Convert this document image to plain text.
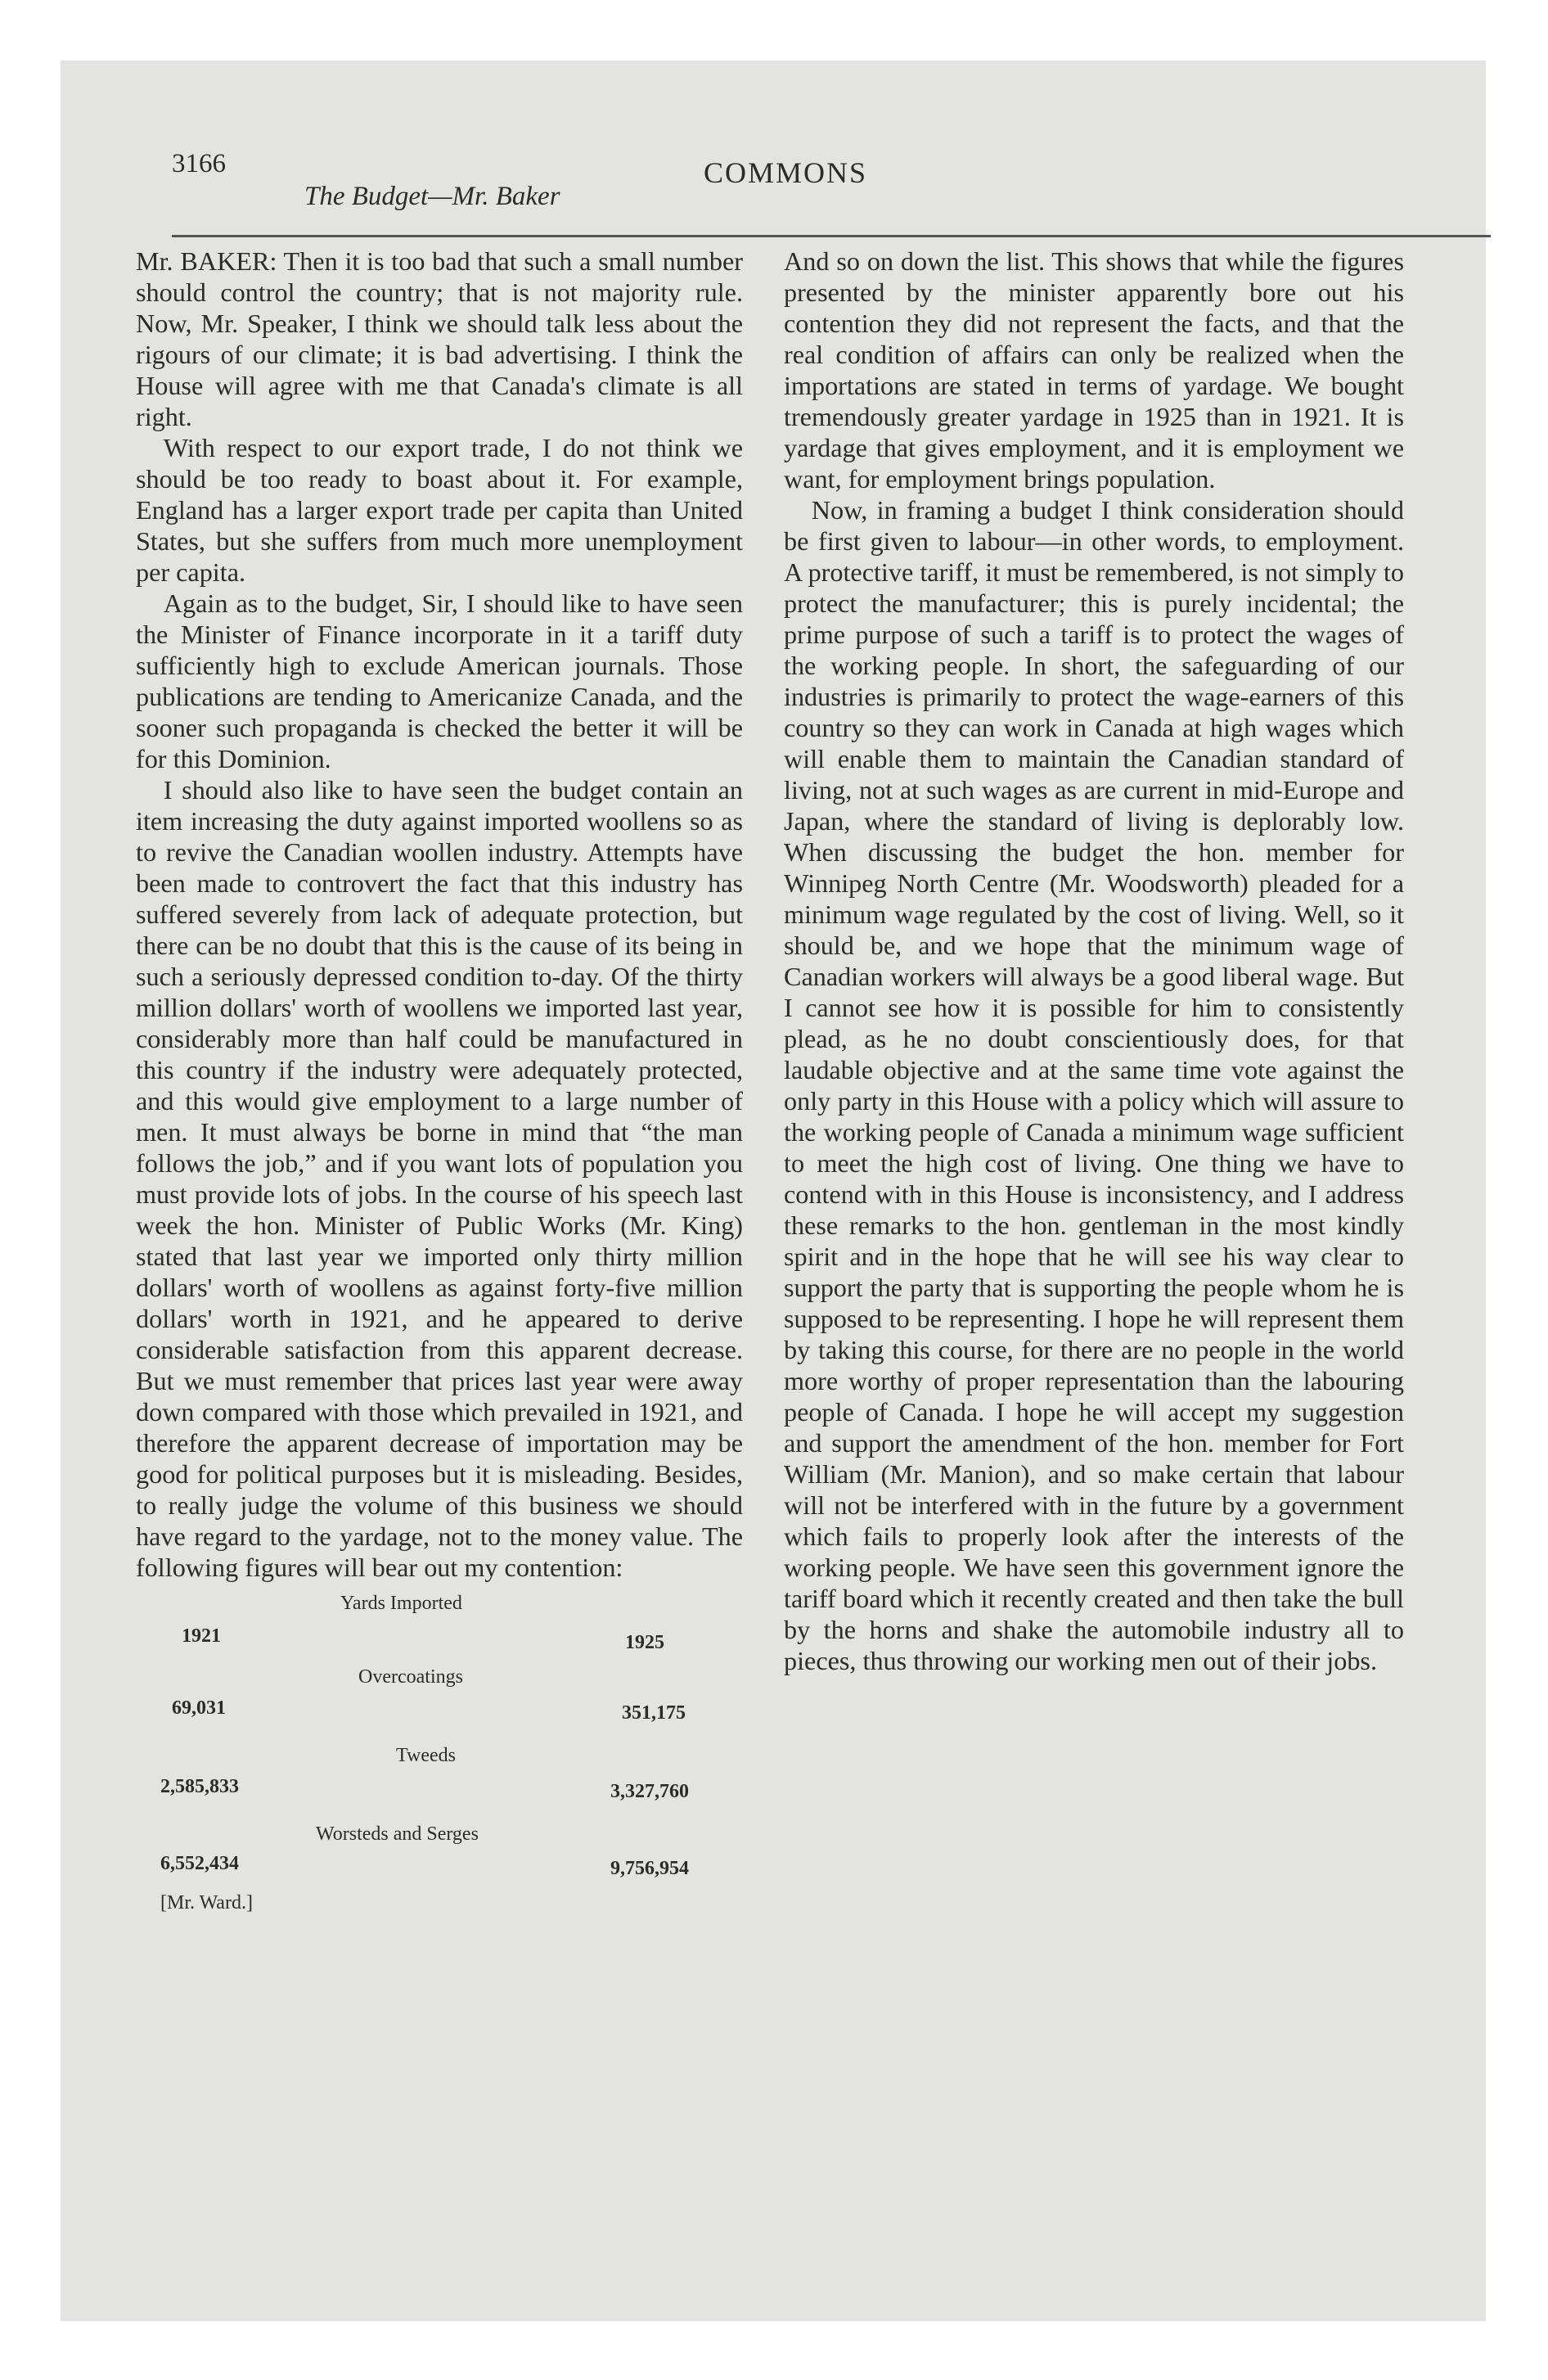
3166
The Budget—Mr. Baker
COMMONS

Mr. BAKER: Then it is too bad that such a small number should control the country; that is not majority rule. Now, Mr. Speaker, I think we should talk less about the rigours of our climate; it is bad advertising. I think the House will agree with me that Canada's climate is all right.

With respect to our export trade, I do not think we should be too ready to boast about it. For example, England has a larger export trade per capita than United States, but she suffers from much more unemployment per capita.

Again as to the budget, Sir, I should like to have seen the Minister of Finance incorporate in it a tariff duty sufficiently high to exclude American journals. Those publications are tending to Americanize Canada, and the sooner such propaganda is checked the better it will be for this Dominion.

I should also like to have seen the budget contain an item increasing the duty against imported woollens so as to revive the Canadian woollen industry. Attempts have been made to controvert the fact that this industry has suffered severely from lack of adequate protection, but there can be no doubt that this is the cause of its being in such a seriously depressed condition to-day. Of the thirty million dollars' worth of woollens we imported last year, considerably more than half could be manufactured in this country if the industry were adequately protected, and this would give employment to a large number of men. It must always be borne in mind that “the man follows the job,” and if you want lots of population you must provide lots of jobs. In the course of his speech last week the hon. Minister of Public Works (Mr. King) stated that last year we imported only thirty million dollars' worth of woollens as against forty-five million dollars' worth in 1921, and he appeared to derive considerable satisfaction from this apparent decrease. But we must remember that prices last year were away down compared with those which prevailed in 1921, and therefore the apparent decrease of importation may be good for political purposes but it is misleading. Besides, to really judge the volume of this business we should have regard to the yardage, not to the money value. The following figures will bear out my contention:

Yards Imported
1921	1925
Overcoatings
69,031	351,175
Tweeds
2,585,833	3,327,760
Worsteds and Serges
6,552,434	9,756,954
[Mr. Ward.]

And so on down the list. This shows that while the figures presented by the minister apparently bore out his contention they did not represent the facts, and that the real condition of affairs can only be realized when the importations are stated in terms of yardage. We bought tremendously greater yardage in 1925 than in 1921. It is yardage that gives employment, and it is employment we want, for employment brings population.

Now, in framing a budget I think consideration should be first given to labour—in other words, to employment. A protective tariff, it must be remembered, is not simply to protect the manufacturer; this is purely incidental; the prime purpose of such a tariff is to protect the wages of the working people. In short, the safeguarding of our industries is primarily to protect the wage-earners of this country so they can work in Canada at high wages which will enable them to maintain the Canadian standard of living, not at such wages as are current in mid-Europe and Japan, where the standard of living is deplorably low. When discussing the budget the hon. member for Winnipeg North Centre (Mr. Woodsworth) pleaded for a minimum wage regulated by the cost of living. Well, so it should be, and we hope that the minimum wage of Canadian workers will always be a good liberal wage. But I cannot see how it is possible for him to consistently plead, as he no doubt conscientiously does, for that laudable objective and at the same time vote against the only party in this House with a policy which will assure to the working people of Canada a minimum wage sufficient to meet the high cost of living. One thing we have to contend with in this House is inconsistency, and I address these remarks to the hon. gentleman in the most kindly spirit and in the hope that he will see his way clear to support the party that is supporting the people whom he is supposed to be representing. I hope he will represent them by taking this course, for there are no people in the world more worthy of proper representation than the labouring people of Canada. I hope he will accept my suggestion and support the amendment of the hon. member for Fort William (Mr. Manion), and so make certain that labour will not be interfered with in the future by a government which fails to properly look after the interests of the working people. We have seen this government ignore the tariff board which it recently created and then take the bull by the horns and shake the automobile industry all to pieces, thus throwing our working men out of their jobs.
